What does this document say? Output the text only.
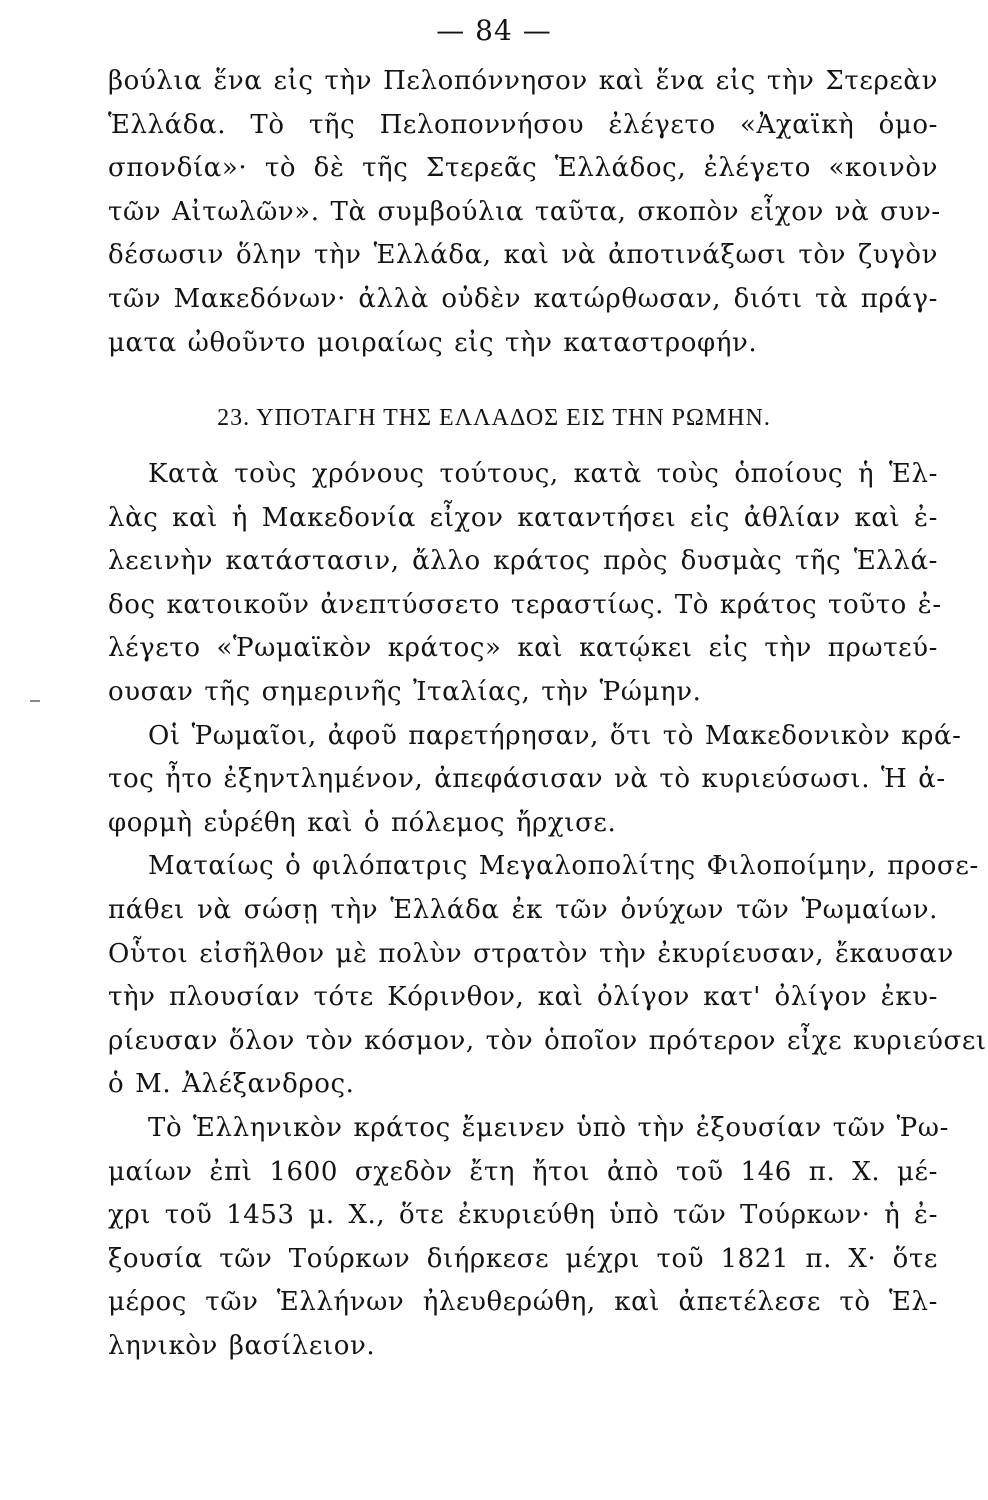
— 84 —
βούλια ἕνα εἰς τὴν Πελοπόννησον καὶ ἕνα εἰς τὴν Στερεὰν
Ἑλλάδα. Τὸ τῆς Πελοποννήσου ἐλέγετο «Ἀχαϊκὴ ὁμο-
σπονδία»· τὸ δὲ τῆς Στερεᾶς Ἑλλάδος, ἐλέγετο «κοινὸν
τῶν Αἰτωλῶν». Τὰ συμβούλια ταῦτα, σκοπὸν εἶχον νὰ συν-
δέσωσιν ὅλην τὴν Ἑλλάδα, καὶ νὰ ἀποτινάξωσι τὸν ζυγὸν
τῶν Μακεδόνων· ἀλλὰ οὐδὲν κατώρθωσαν, διότι τὰ πράγ-
ματα ὠθοῦντο μοιραίως εἰς τὴν καταστροφήν.
23. ΥΠΟΤΑΓΗ ΤΗΣ ΕΛΛΑΔΟΣ ΕΙΣ ΤΗΝ ΡΩΜΗΝ.
Κατὰ τοὺς χρόνους τούτους, κατὰ τοὺς ὁποίους ἡ Ἑλ-
λὰς καὶ ἡ Μακεδονία εἶχον καταντήσει εἰς ἀθλίαν καὶ ἐ-
λεεινὴν κατάστασιν, ἄλλο κράτος πρὸς δυσμὰς τῆς Ἑλλά-
δος κατοικοῦν ἀνεπτύσσετο τεραστίως. Τὸ κράτος τοῦτο ἐ-
λέγετο «Ῥωμαϊκὸν κράτος» καὶ κατῴκει εἰς τὴν πρωτεύ-
ουσαν τῆς σημερινῆς Ἰταλίας, τὴν Ῥώμην.
Οἱ Ῥωμαῖοι, ἀφοῦ παρετήρησαν, ὅτι τὸ Μακεδονικὸν κρά-
τος ἦτο ἐξηντλημένον, ἀπεφάσισαν νὰ τὸ κυριεύσωσι. Ἡ ἀ-
φορμὴ εὑρέθη καὶ ὁ πόλεμος ἤρχισε.
Ματαίως ὁ φιλόπατρις Μεγαλοπολίτης Φιλοποίμην, προσε-
πάθει νὰ σώσῃ τὴν Ἑλλάδα ἐκ τῶν ὀνύχων τῶν Ῥωμαίων.
Οὗτοι εἰσῆλθον μὲ πολὺν στρατὸν τὴν ἐκυρίευσαν, ἔκαυσαν
τὴν πλουσίαν τότε Κόρινθον, καὶ ὀλίγον κατ' ὀλίγον ἐκυ-
ρίευσαν ὅλον τὸν κόσμον, τὸν ὁποῖον πρότερον εἶχε κυριεύσει
ὁ Μ. Ἀλέξανδρος.
Τὸ Ἑλληνικὸν κράτος ἔμεινεν ὑπὸ τὴν ἐξουσίαν τῶν Ῥω-
μαίων ἐπὶ 1600 σχεδὸν ἔτη ἤτοι ἀπὸ τοῦ 146 π. Χ. μέ-
χρι τοῦ 1453 μ. Χ., ὅτε ἐκυριεύθη ὑπὸ τῶν Τούρκων· ἡ ἐ-
ξουσία τῶν Τούρκων διήρκεσε μέχρι τοῦ 1821 π. Χ· ὅτε
μέρος τῶν Ἑλλήνων ἠλευθερώθη, καὶ ἀπετέλεσε τὸ Ἑλ-
ληνικὸν βασίλειον.
